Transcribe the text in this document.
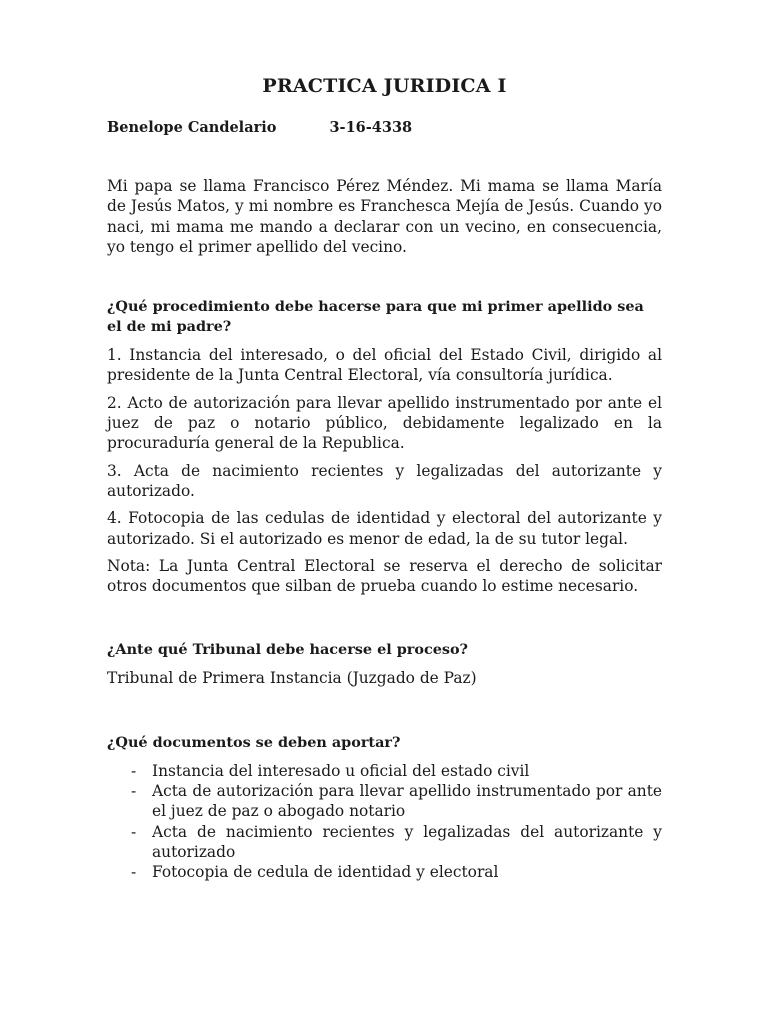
PRACTICA JURIDICA I
Benelope Candelario	3-16-4338

Mi papa se llama Francisco Pérez Méndez. Mi mama se llama María de Jesús Matos, y mi nombre es Franchesca Mejía de Jesús. Cuando yo naci, mi mama me mando a declarar con un vecino, en consecuencia, yo tengo el primer apellido del vecino.

¿Qué procedimiento debe hacerse para que mi primer apellido sea el de mi padre?

1. Instancia del interesado, o del oficial del Estado Civil, dirigido al presidente de la Junta Central Electoral, vía consultoría jurídica.

2. Acto de autorización para llevar apellido instrumentado por ante el juez de paz o notario público, debidamente legalizado en la procuraduría general de la Republica.

3. Acta de nacimiento recientes y legalizadas del autorizante y autorizado.

4. Fotocopia de las cedulas de identidad y electoral del autorizante y autorizado. Si el autorizado es menor de edad, la de su tutor legal.

Nota: La Junta Central Electoral se reserva el derecho de solicitar otros documentos que silban de prueba cuando lo estime necesario.

¿Ante qué Tribunal debe hacerse el proceso?

Tribunal de Primera Instancia (Juzgado de Paz)

¿Qué documentos se deben aportar?

- Instancia del interesado u oficial del estado civil
- Acta de autorización para llevar apellido instrumentado por ante el juez de paz o abogado notario
- Acta de nacimiento recientes y legalizadas del autorizante y autorizado
- Fotocopia de cedula de identidad y electoral
